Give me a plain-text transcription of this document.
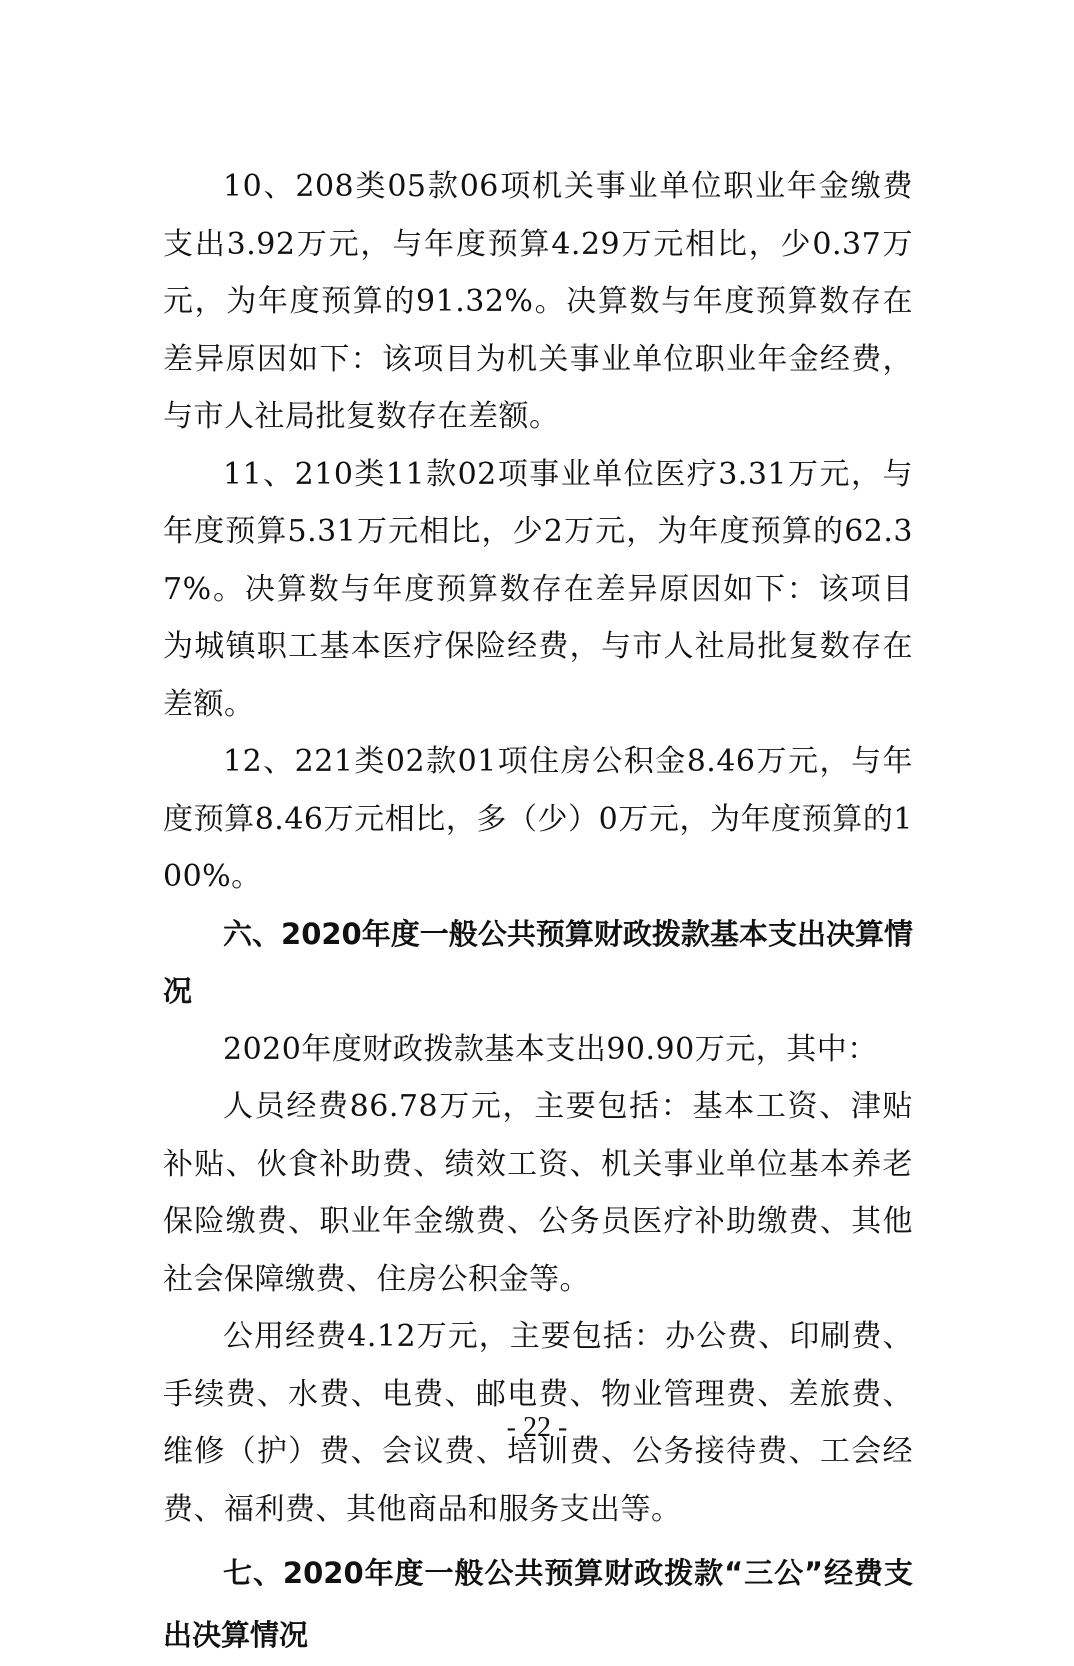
10、208类05款06项机关事业单位职业年金缴费支出3.92万元，与年度预算4.29万元相比，少0.37万元，为年度预算的91.32%。决算数与年度预算数存在差异原因如下：该项目为机关事业单位职业年金经费，与市人社局批复数存在差额。

11、210类11款02项事业单位医疗3.31万元，与年度预算5.31万元相比，少2万元，为年度预算的62.37%。决算数与年度预算数存在差异原因如下：该项目为城镇职工基本医疗保险经费，与市人社局批复数存在差额。

12、221类02款01项住房公积金8.46万元，与年度预算8.46万元相比，多（少）0万元，为年度预算的100%。

六、2020年度一般公共预算财政拨款基本支出决算情况

2020年度财政拨款基本支出90.90万元，其中：

人员经费86.78万元，主要包括：基本工资、津贴补贴、伙食补助费、绩效工资、机关事业单位基本养老保险缴费、职业年金缴费、公务员医疗补助缴费、其他社会保障缴费、住房公积金等。

公用经费4.12万元，主要包括：办公费、印刷费、手续费、水费、电费、邮电费、物业管理费、差旅费、维修（护）费、会议费、培训费、公务接待费、工会经费、福利费、其他商品和服务支出等。

七、2020年度一般公共预算财政拨款“三公”经费支出决算情况

- 22 -
